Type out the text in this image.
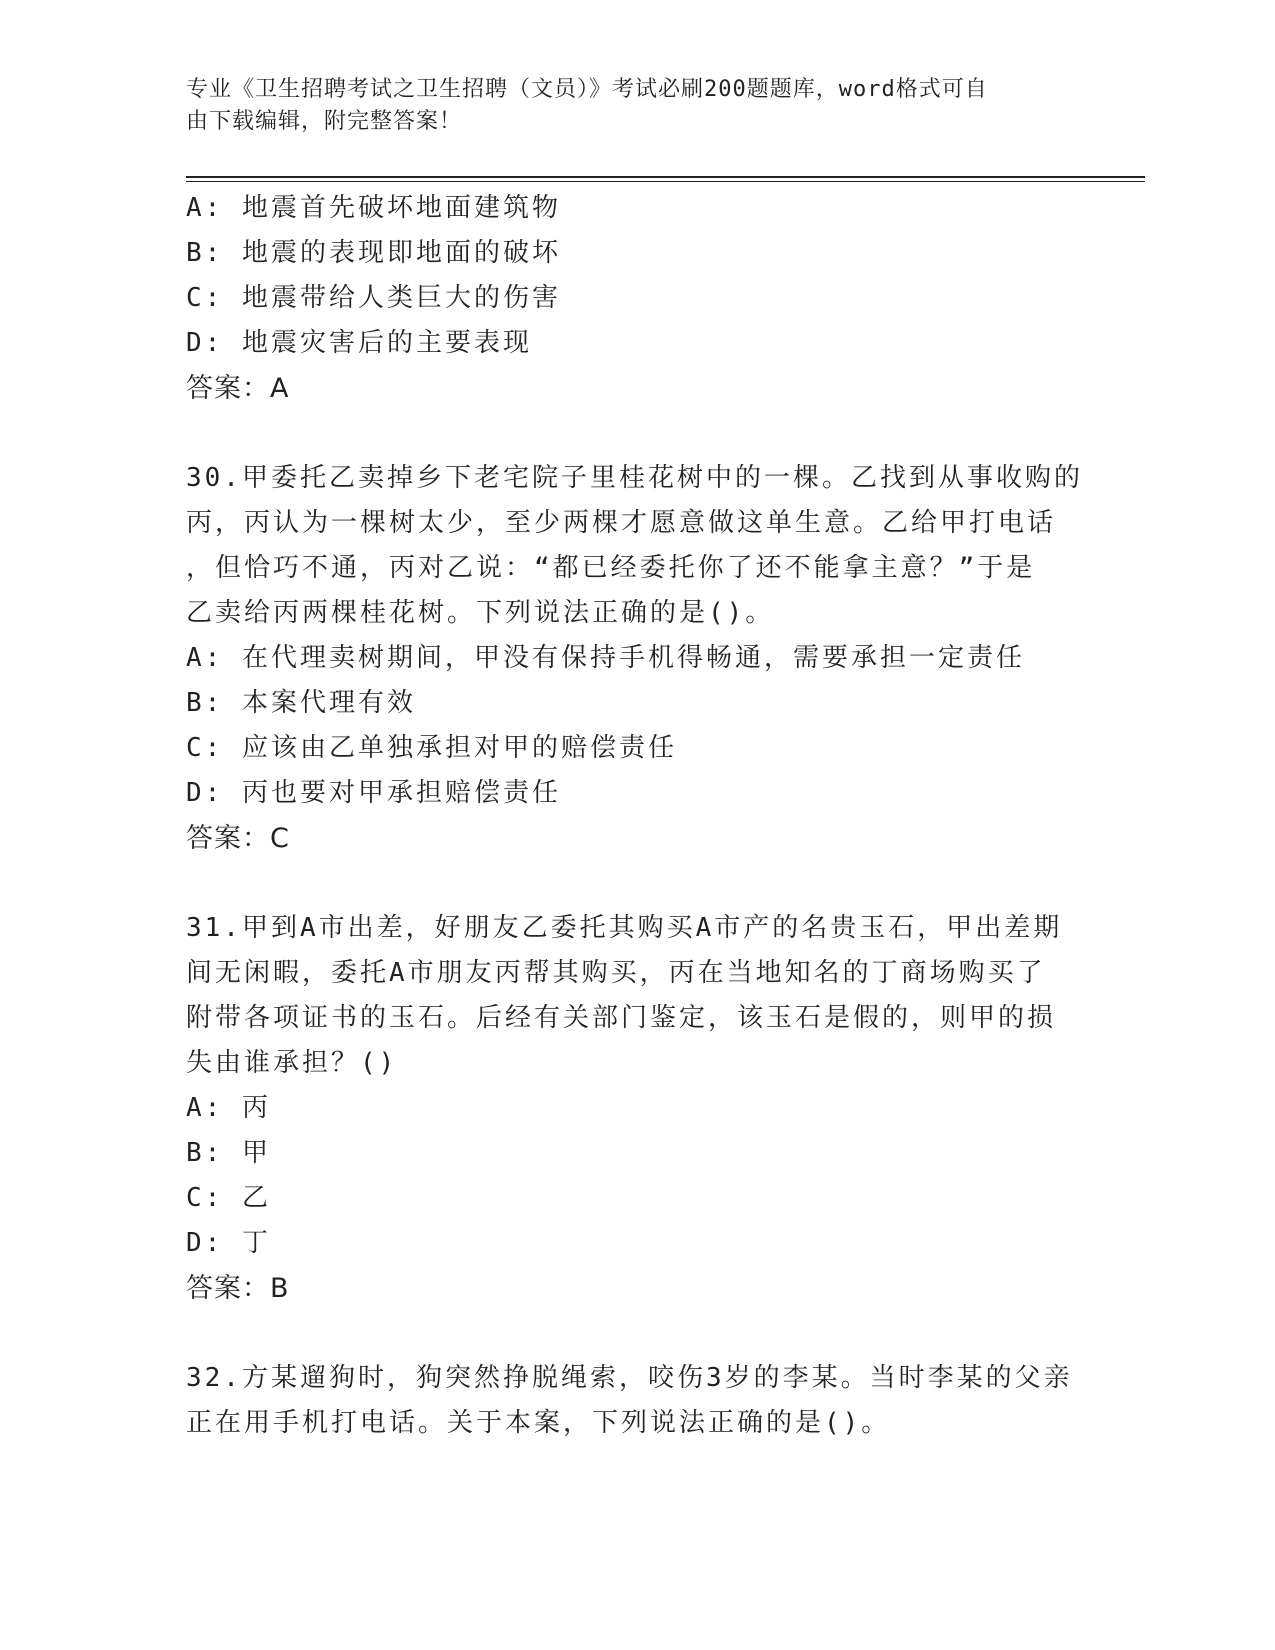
专业《卫生招聘考试之卫生招聘（文员）》考试必刷200题题库，word格式可自
由下载编辑，附完整答案！
A: 地震首先破坏地面建筑物
B: 地震的表现即地面的破坏
C: 地震带给人类巨大的伤害
D: 地震灾害后的主要表现
答案：A
30.甲委托乙卖掉乡下老宅院子里桂花树中的一棵。乙找到从事收购的
丙，丙认为一棵树太少，至少两棵才愿意做这单生意。乙给甲打电话
，但恰巧不通，丙对乙说：“都已经委托你了还不能拿主意？”于是
乙卖给丙两棵桂花树。下列说法正确的是()。
A: 在代理卖树期间，甲没有保持手机得畅通，需要承担一定责任
B: 本案代理有效
C: 应该由乙单独承担对甲的赔偿责任
D: 丙也要对甲承担赔偿责任
答案：C
31.甲到A市出差，好朋友乙委托其购买A市产的名贵玉石，甲出差期
间无闲暇，委托A市朋友丙帮其购买，丙在当地知名的丁商场购买了
附带各项证书的玉石。后经有关部门鉴定，该玉石是假的，则甲的损
失由谁承担？()
A: 丙
B: 甲
C: 乙
D: 丁
答案：B
32.方某遛狗时，狗突然挣脱绳索，咬伤3岁的李某。当时李某的父亲
正在用手机打电话。关于本案，下列说法正确的是()。
